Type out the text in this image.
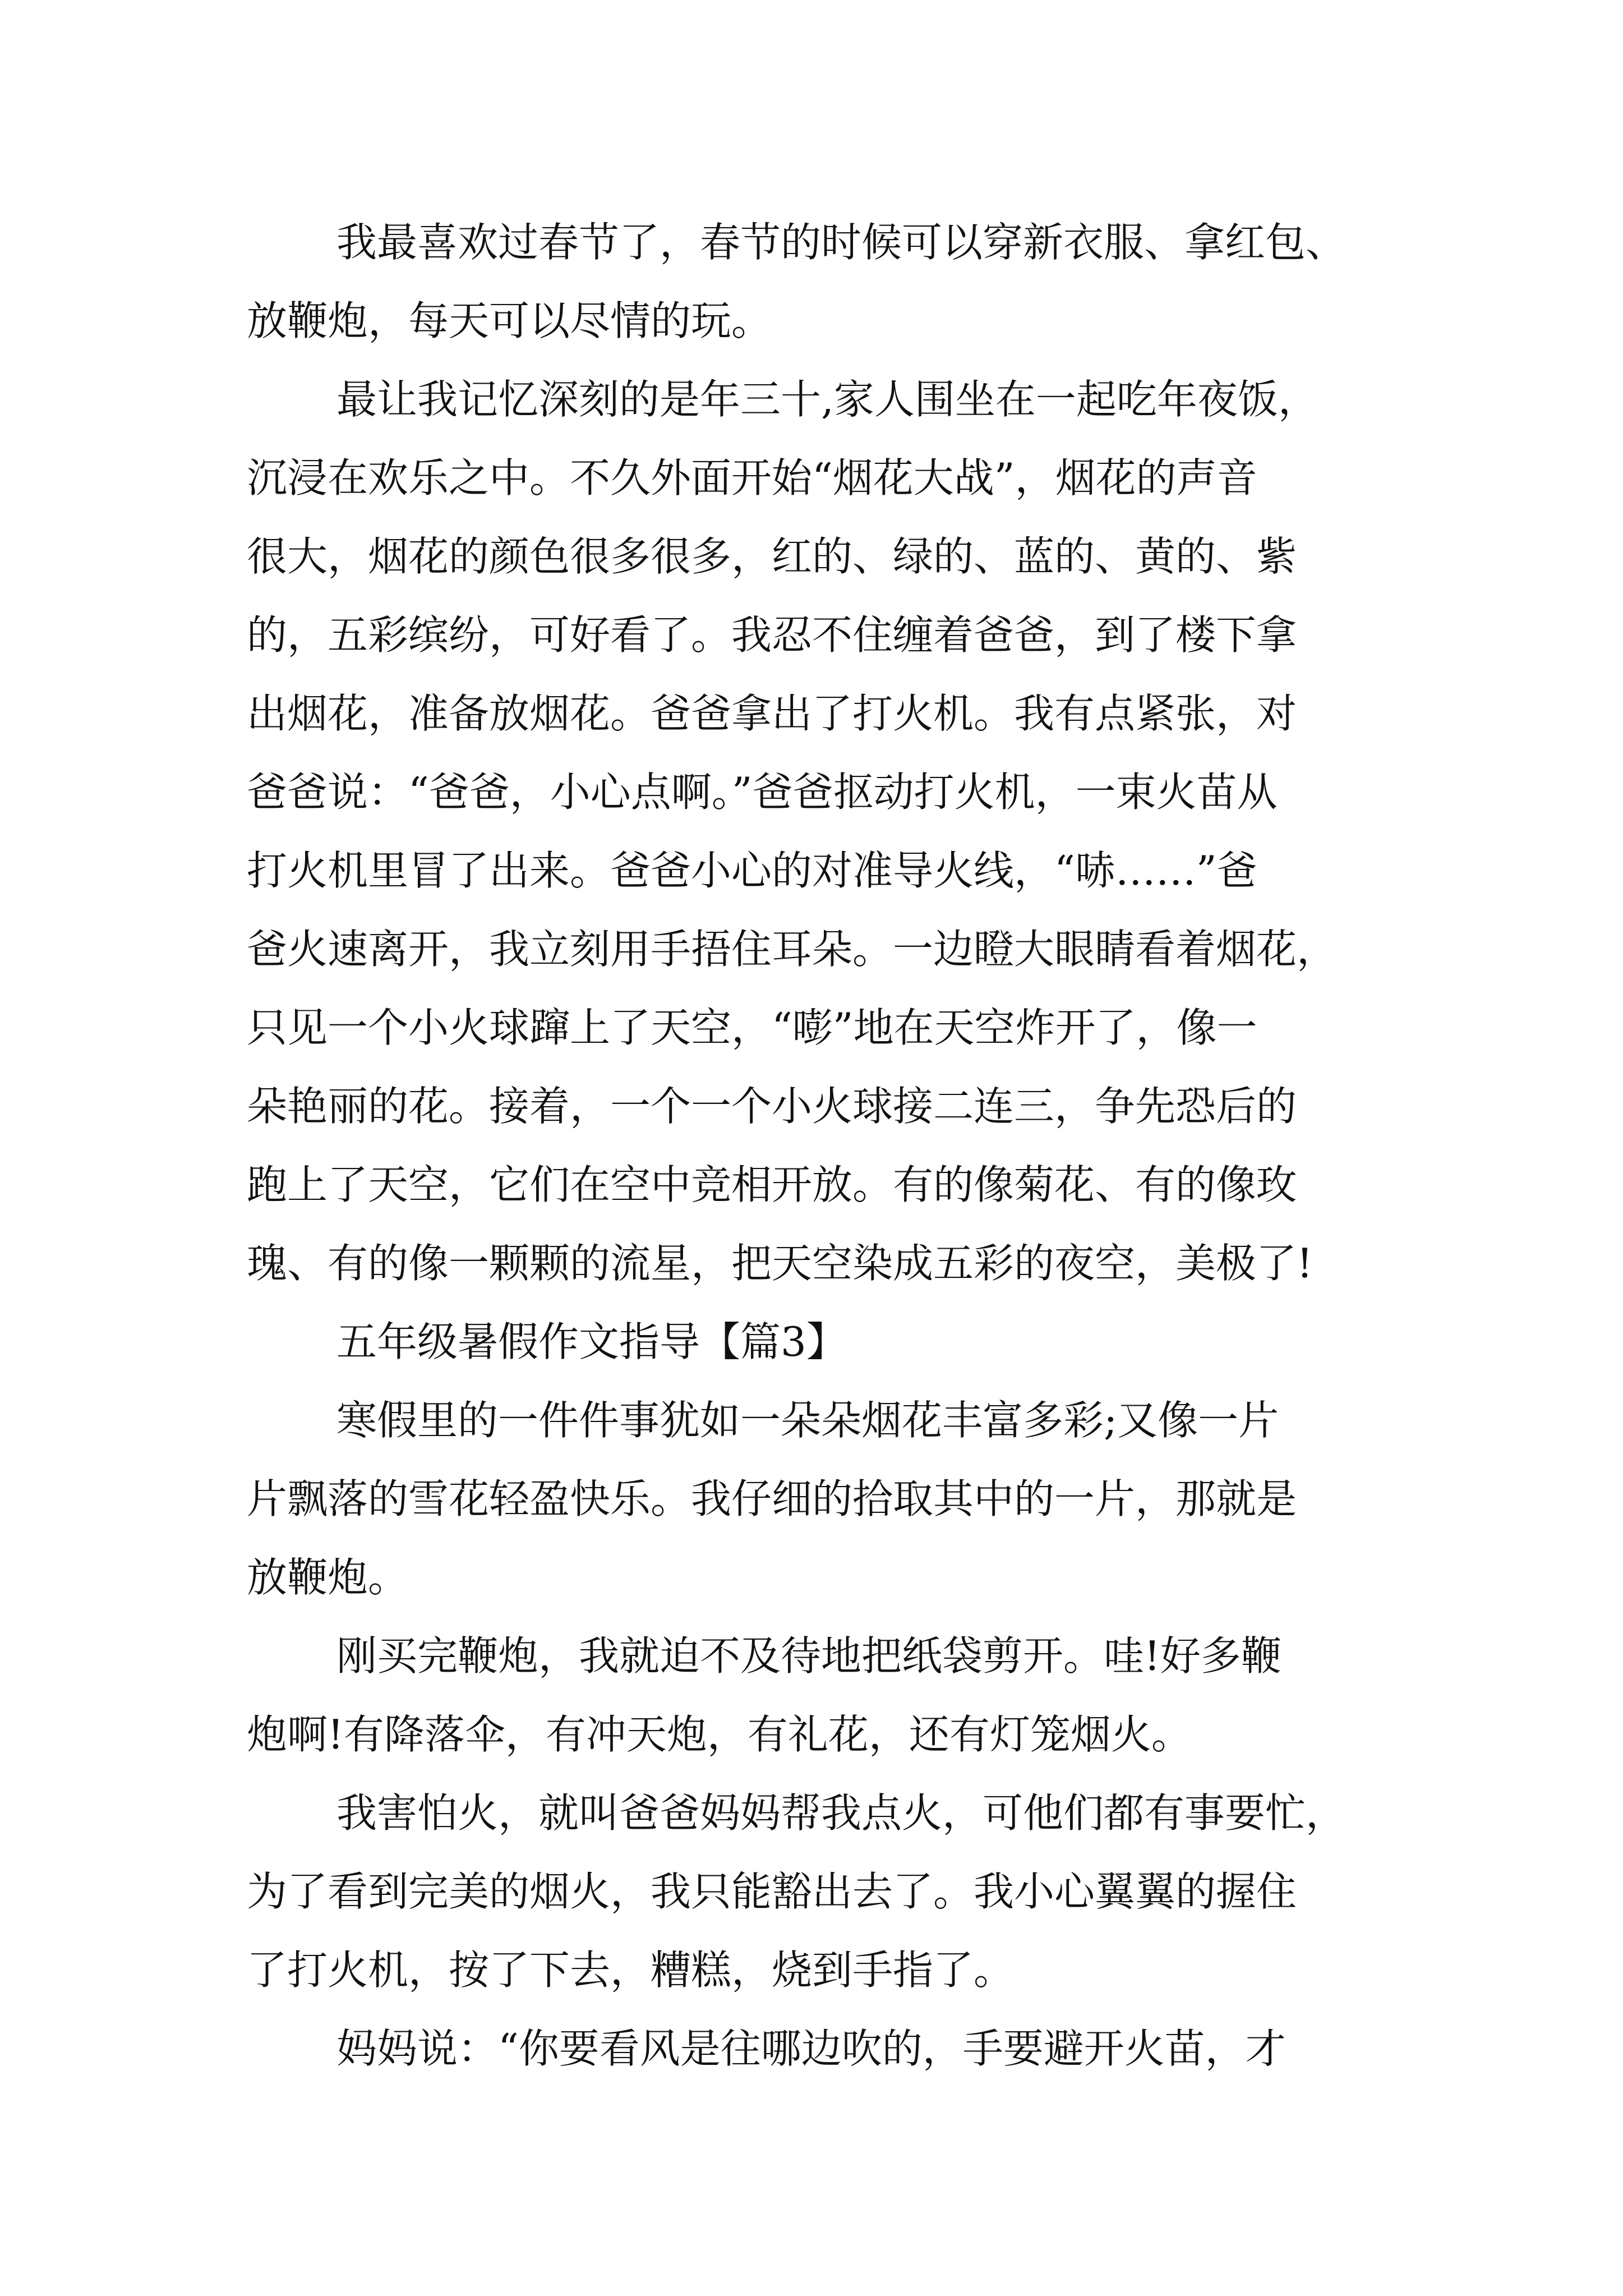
我最喜欢过春节了，春节的时候可以穿新衣服、拿红包、

放鞭炮，每天可以尽情的玩。

最让我记忆深刻的是年三十,家人围坐在一起吃年夜饭，

沉浸在欢乐之中。不久外面开始“烟花大战”，烟花的声音

很大，烟花的颜色很多很多，红的、绿的、蓝的、黄的、紫

的，五彩缤纷，可好看了。我忍不住缠着爸爸，到了楼下拿

出烟花，准备放烟花。爸爸拿出了打火机。我有点紧张，对

爸爸说：“爸爸，小心点啊。”爸爸抠动打火机，一束火苗从

打火机里冒了出来。爸爸小心的对准导火线，“哧……”爸

爸火速离开，我立刻用手捂住耳朵。一边瞪大眼睛看着烟花，

只见一个小火球蹿上了天空，“嘭”地在天空炸开了，像一

朵艳丽的花。接着，一个一个小火球接二连三，争先恐后的

跑上了天空，它们在空中竞相开放。有的像菊花、有的像玫

瑰、有的像一颗颗的流星，把天空染成五彩的夜空，美极了!

五年级暑假作文指导【篇3】

寒假里的一件件事犹如一朵朵烟花丰富多彩;又像一片

片飘落的雪花轻盈快乐。我仔细的拾取其中的一片，那就是

放鞭炮。

刚买完鞭炮，我就迫不及待地把纸袋剪开。哇!好多鞭

炮啊!有降落伞，有冲天炮，有礼花，还有灯笼烟火。

我害怕火，就叫爸爸妈妈帮我点火，可他们都有事要忙，

为了看到完美的烟火，我只能豁出去了。我小心翼翼的握住

了打火机，按了下去，糟糕，烧到手指了。

妈妈说：“你要看风是往哪边吹的，手要避开火苗，才
